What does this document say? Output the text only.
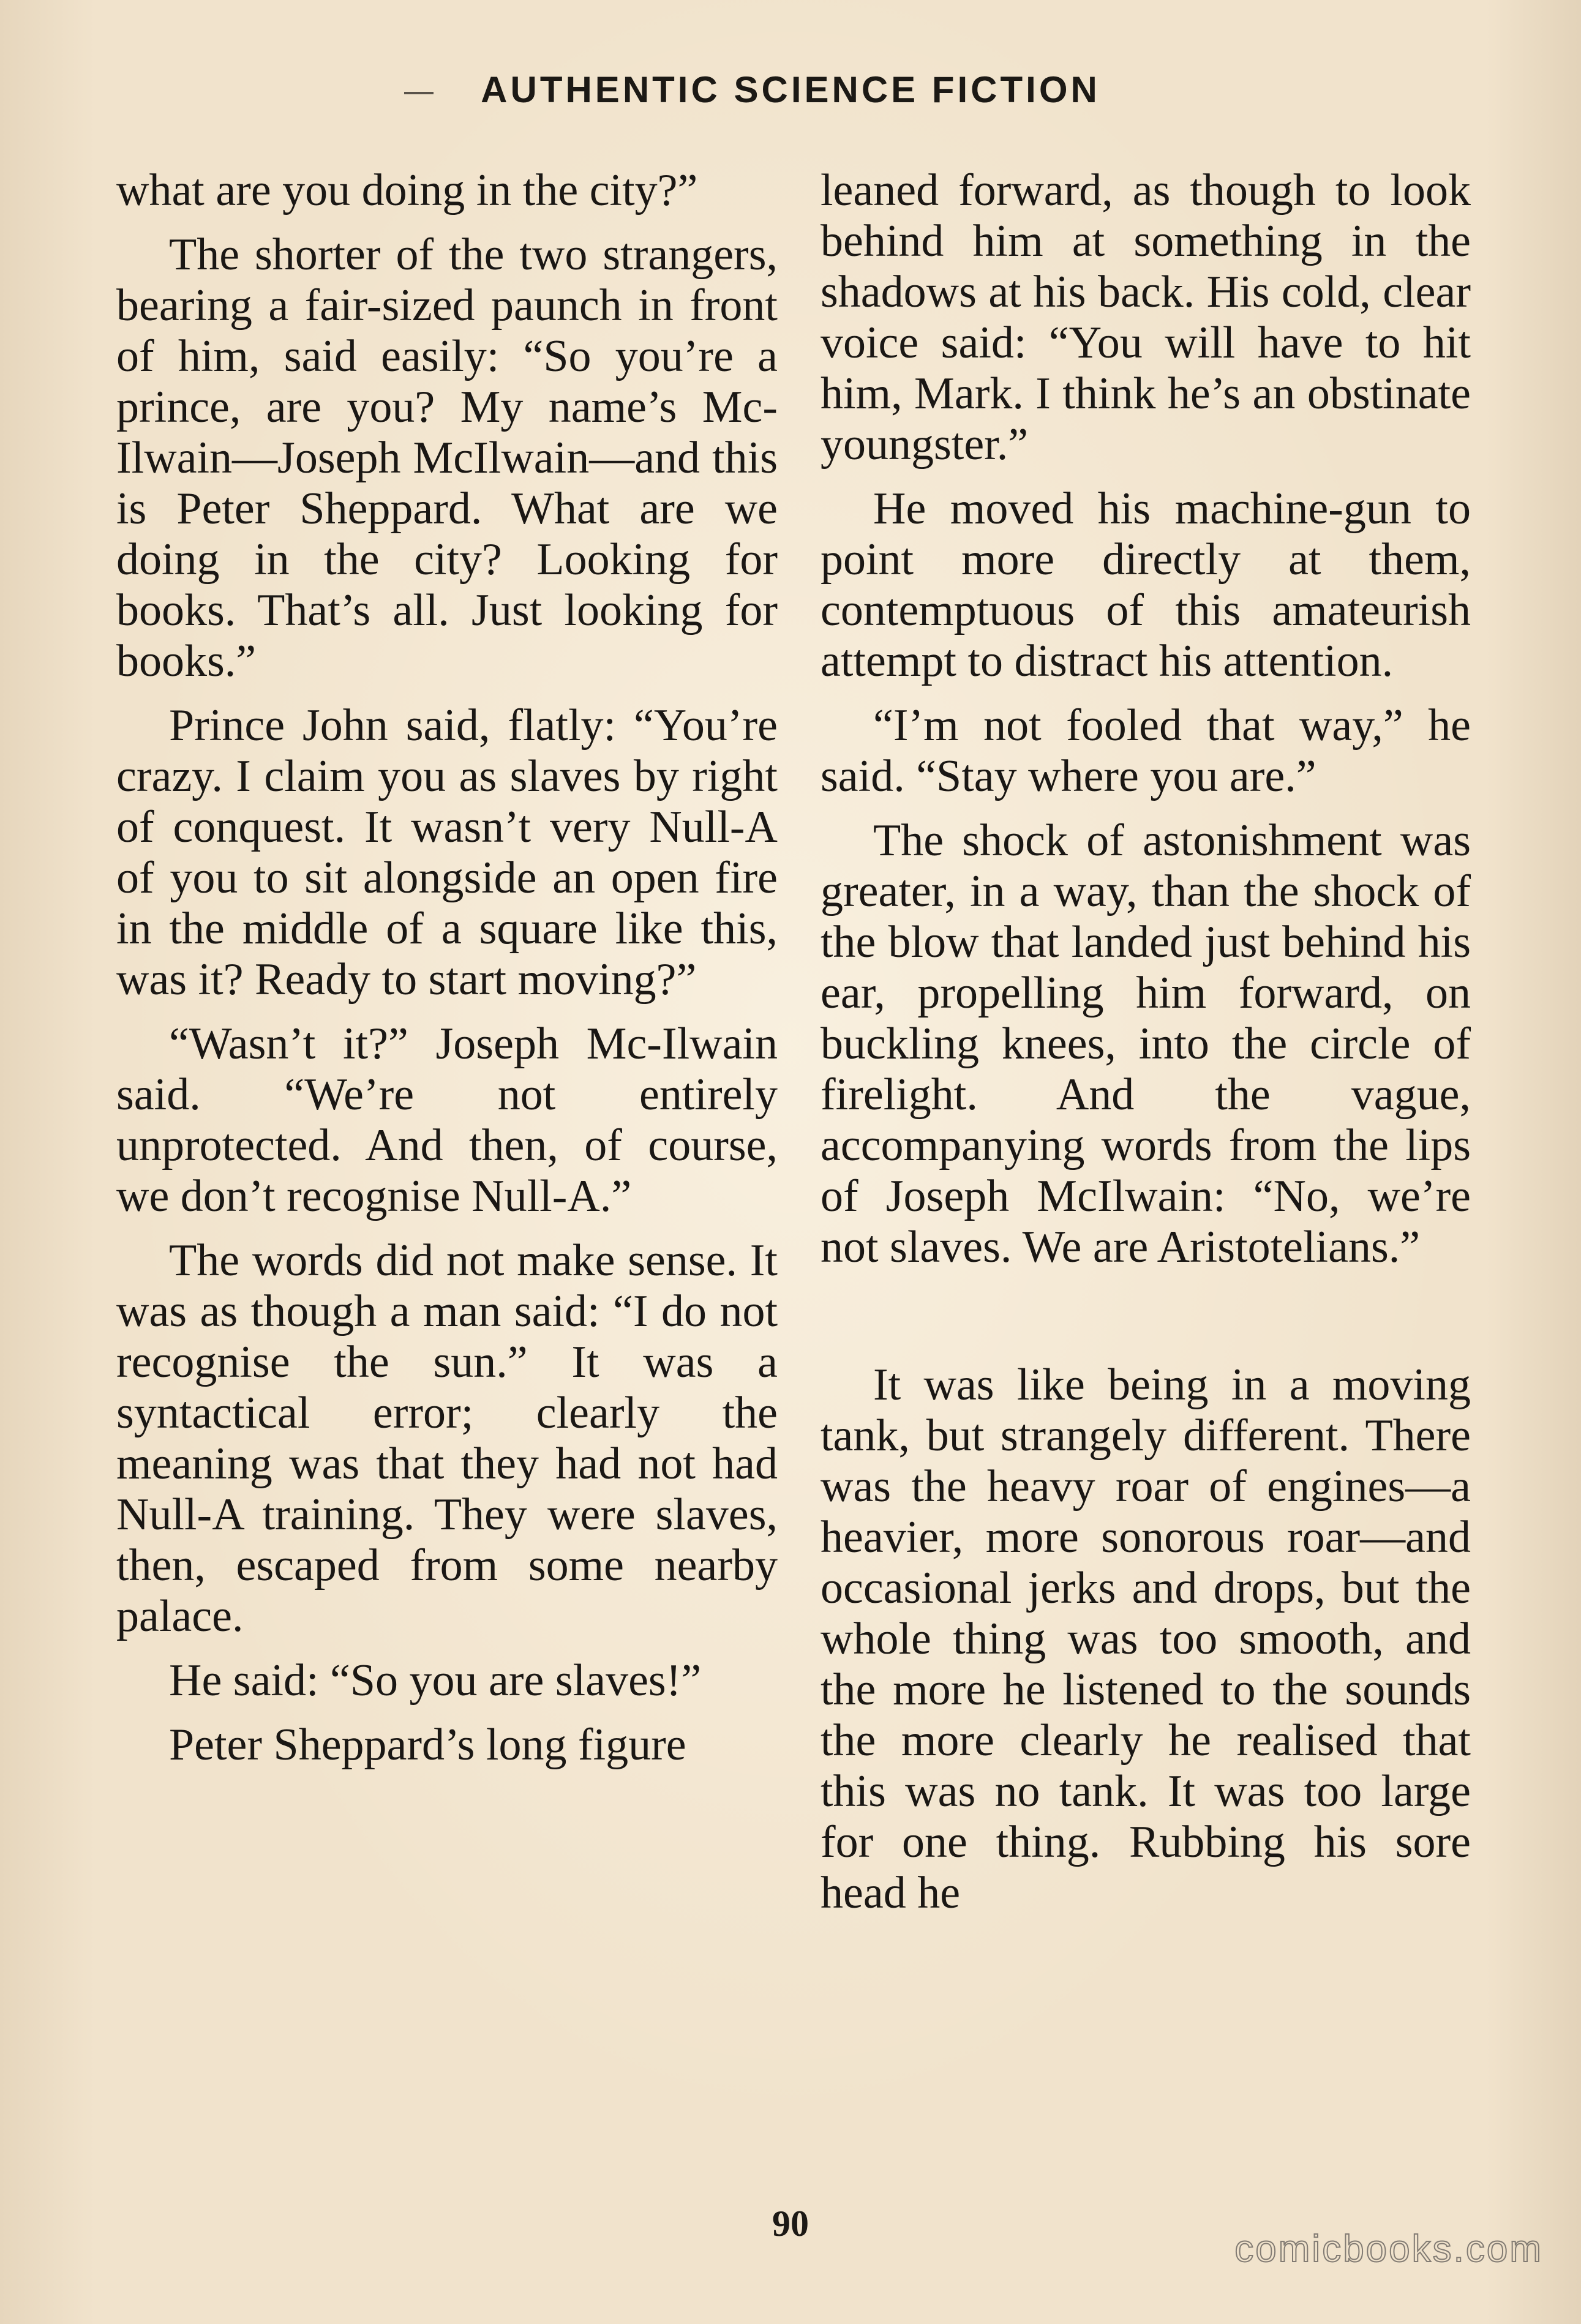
AUTHENTIC SCIENCE FICTION

what are you doing in the city?”

The shorter of the two strangers, bearing a fair-sized paunch in front of him, said easily: “So you’re a prince, are you? My name’s Mc-Ilwain—Joseph McIlwain—and this is Peter Sheppard. What are we doing in the city? Looking for books. That’s all. Just looking for books.”

Prince John said, flatly: “You’re crazy. I claim you as slaves by right of conquest. It wasn’t very Null-A of you to sit alongside an open fire in the middle of a square like this, was it? Ready to start moving?”

“Wasn’t it?” Joseph Mc-Ilwain said. “We’re not entirely unprotected. And then, of course, we don’t recognise Null-A.”

The words did not make sense. It was as though a man said: “I do not recognise the sun.” It was a syntactical error; clearly the meaning was that they had not had Null-A training. They were slaves, then, escaped from some nearby palace.

He said: “So you are slaves!”

Peter Sheppard’s long figure

leaned forward, as though to look behind him at something in the shadows at his back. His cold, clear voice said: “You will have to hit him, Mark. I think he’s an obstinate youngster.”

He moved his machine-gun to point more directly at them, contemptuous of this amateurish attempt to distract his attention.

“I’m not fooled that way,” he said. “Stay where you are.”

The shock of astonishment was greater, in a way, than the shock of the blow that landed just behind his ear, propelling him forward, on buckling knees, into the circle of firelight. And the vague, accompanying words from the lips of Joseph McIlwain: “No, we’re not slaves. We are Aristotelians.”

It was like being in a moving tank, but strangely different. There was the heavy roar of engines—a heavier, more sonorous roar—and occasional jerks and drops, but the whole thing was too smooth, and the more he listened to the sounds the more clearly he realised that this was no tank. It was too large for one thing. Rubbing his sore head he

90
comicbooks.com
